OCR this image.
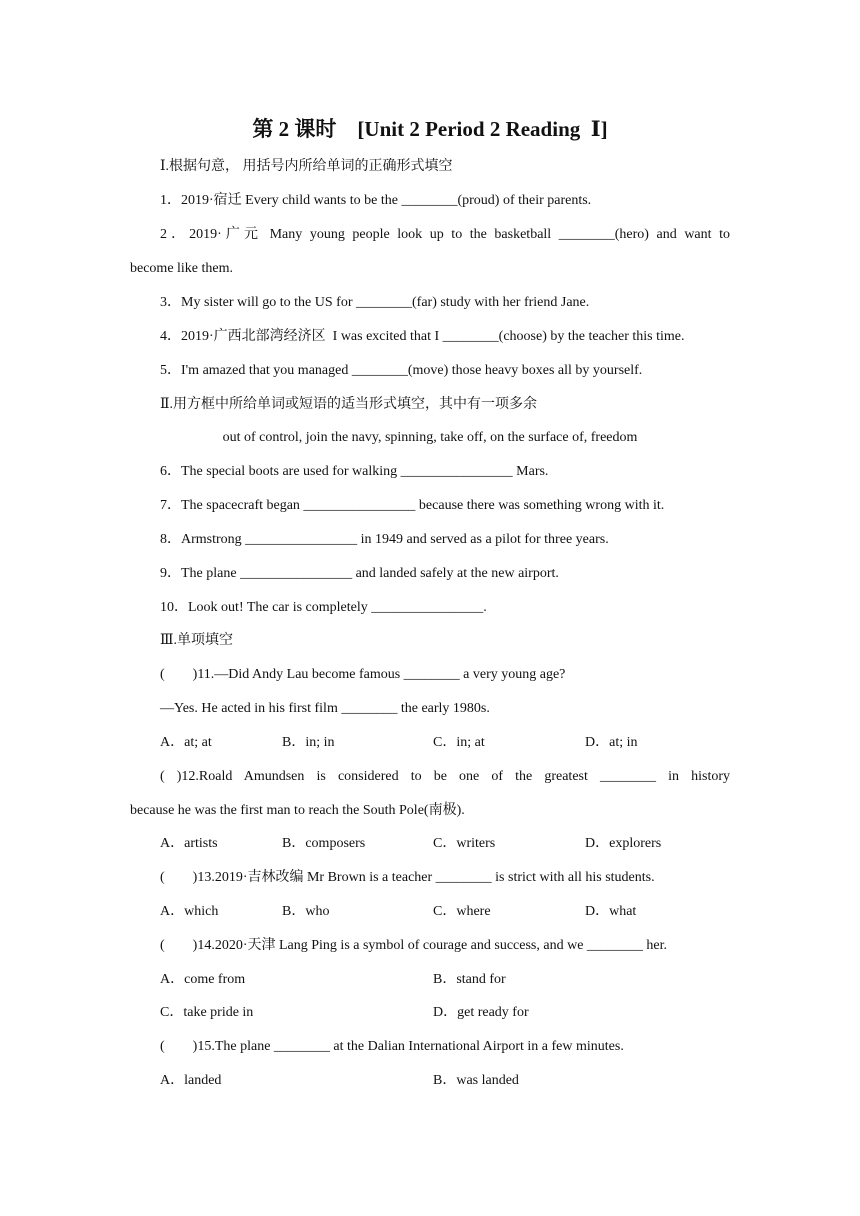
第 2 课时    [Unit 2 Period 2 Reading  Ⅰ]
Ⅰ.根据句意， 用括号内所给单词的正确形式填空
1．2019·宿迁 Every child wants to be the ________(proud) of their parents.
2．2019·广元 Many young people look up to the basketball ________(hero) and want to
become like them.
3．My sister will go to the US for ________(far) study with her friend Jane.
4．2019·广西北部湾经济区  I was excited that I ________(choose) by the teacher this time.
5．I'm amazed that you managed ________(move) those heavy boxes all by yourself.
Ⅱ.用方框中所给单词或短语的适当形式填空，其中有一项多余
out of control, join the navy, spinning, take off, on the surface of, freedom
6．The special boots are used for walking ________________ Mars.
7．The spacecraft began ________________ because there was something wrong with it.
8．Armstrong ________________ in 1949 and served as a pilot for three years.
9．The plane ________________ and landed safely at the new airport.
10．Look out! The car is completely ________________.
Ⅲ.单项填空
(        )11.—Did Andy Lau become famous ________ a very young age?
—Yes. He acted in his first film ________ the early 1980s.
A．at; at	B．in; in	C．in; at	D．at; in
( )12.Roald Amundsen is considered to be one of the greatest ________ in history
because he was the first man to reach the South Pole(南极).
A．artists	B．composers	C．writers	D．explorers
(        )13.2019·吉林改编 Mr Brown is a teacher ________ is strict with all his students.
A．which	B．who	C．where	D．what
(        )14.2020·天津 Lang Ping is a symbol of courage and success, and we ________ her.
A．come from	B．stand for
C．take pride in	D．get ready for
(        )15.The plane ________ at the Dalian International Airport in a few minutes.
A．landed	B．was landed
